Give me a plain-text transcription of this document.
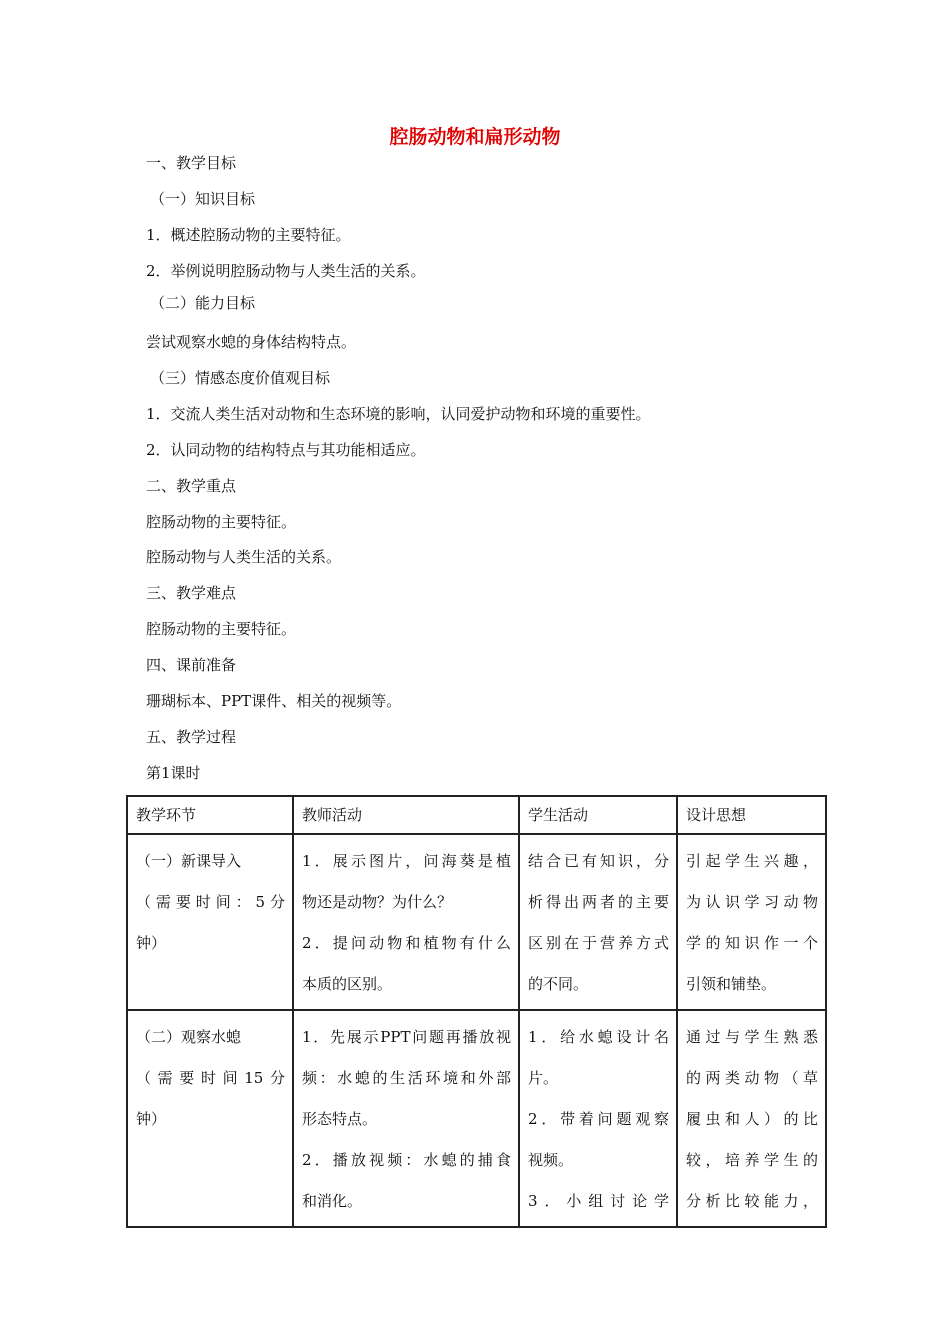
腔肠动物和扁形动物
一、教学目标
（一）知识目标
1．概述腔肠动物的主要特征。
2．举例说明腔肠动物与人类生活的关系。
（二）能力目标
尝试观察水螅的身体结构特点。
（三）情感态度价值观目标
1．交流人类生活对动物和生态环境的影响，认同爱护动物和环境的重要性。
2．认同动物的结构特点与其功能相适应。
二、教学重点
腔肠动物的主要特征。
腔肠动物与人类生活的关系。
三、教学难点
腔肠动物的主要特征。
四、课前准备
珊瑚标本、PPT课件、相关的视频等。
五、教学过程
第1课时
教学环节	教师活动	学生活动	设计思想

（一）新课导入
（需要时间：5分
钟）	1．展示图片，问海葵是植
物还是动物？为什么？
2．提问动物和植物有什么
本质的区别。	结合已有知识，分
析得出两者的主要
区别在于营养方式
的不同。	引起学生兴趣，
为认识学习动物
学的知识作一个
引领和铺垫。

（二）观察水螅
（需要时间15分
钟）	1．先展示PPT问题再播放视
频：水螅的生活环境和外部
形态特点。
2．播放视频：水螅的捕食
和消化。	1．给水螅设计名
片。
2．带着问题观察
视频。
3．小组讨论学	通过与学生熟悉
的两类动物（草
履虫和人）的比
较，培养学生的
分析比较能力，
